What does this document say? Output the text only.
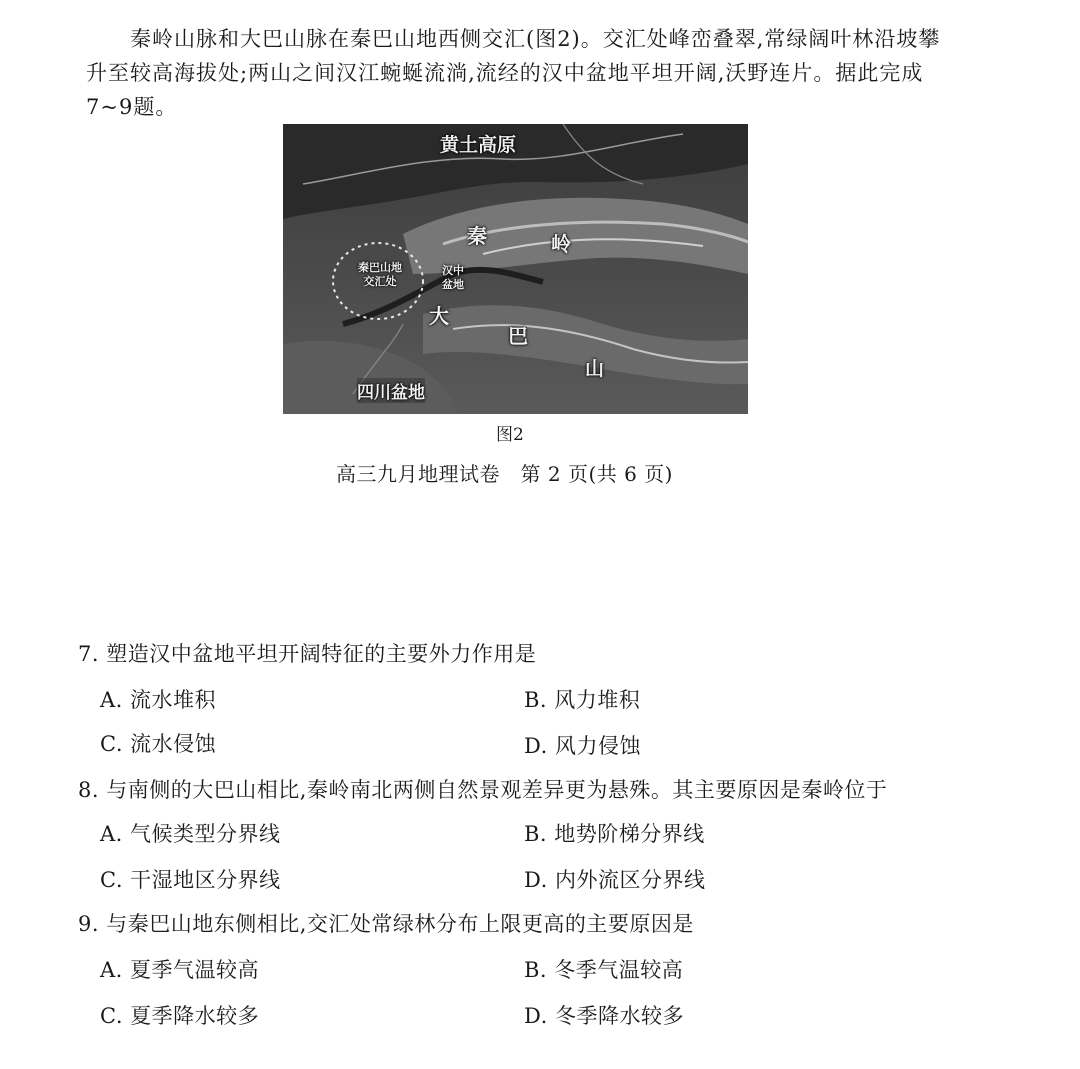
秦岭山脉和大巴山脉在秦巴山地西侧交汇(图2)。交汇处峰峦叠翠,常绿阔叶林沿坡攀升至较高海拔处;两山之间汉江蜿蜒流淌,流经的汉中盆地平坦开阔,沃野连片。据此完成7~9题。

黄土高原
秦	岭
秦巴山地
交汇处
汉中
盆地
大
巴
山
四川盆地

图2

高三九月地理试卷　第 2 页(共 6 页)

7. 塑造汉中盆地平坦开阔特征的主要外力作用是

A. 流水堆积	B. 风力堆积

C. 流水侵蚀	D. 风力侵蚀

8. 与南侧的大巴山相比,秦岭南北两侧自然景观差异更为悬殊。其主要原因是秦岭位于

A. 气候类型分界线	B. 地势阶梯分界线

C. 干湿地区分界线	D. 内外流区分界线

9. 与秦巴山地东侧相比,交汇处常绿林分布上限更高的主要原因是

A. 夏季气温较高	B. 冬季气温较高

C. 夏季降水较多	D. 冬季降水较多
